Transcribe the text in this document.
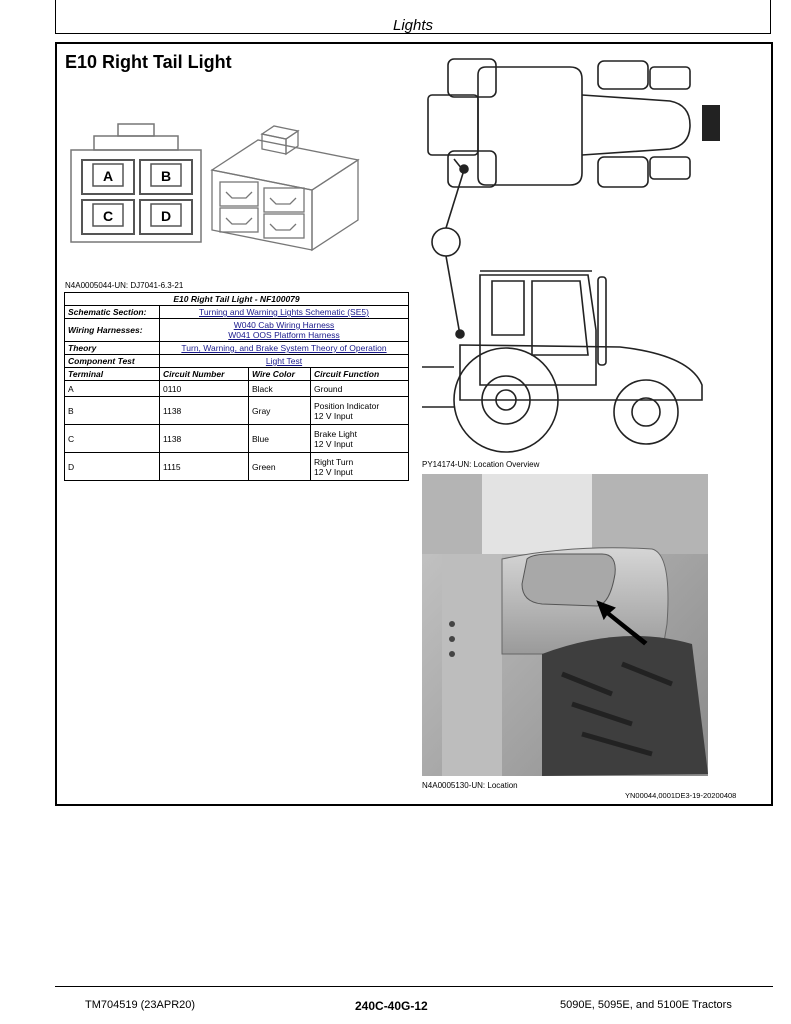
Lights
E10 Right Tail Light
A	B
C	D
N4A0005044-UN: DJ7041-6.3-21
E10 Right Tail Light - NF100079			
Schematic Section:	Turning and Warning Lights Schematic (SE5)		
Wiring Harnesses:	W040 Cab Wiring Harness
W041 OOS Platform Harness		
Theory	Turn, Warning, and Brake System Theory of Operation		
Component Test	Light Test		
Terminal	Circuit Number	Wire Color	Circuit Function
A	0110	Black	Ground
B	1138	Gray	Position Indicator
12 V Input
C	1138	Blue	Brake Light
12 V Input
D	1115	Green	Right Turn
12 V Input
PY14174-UN: Location Overview
N4A0005130-UN: Location
YN00044,0001DE3-19-20200408
TM704519 (23APR20)	240C-40G-12	5090E, 5095E, and 5100E Tractors
